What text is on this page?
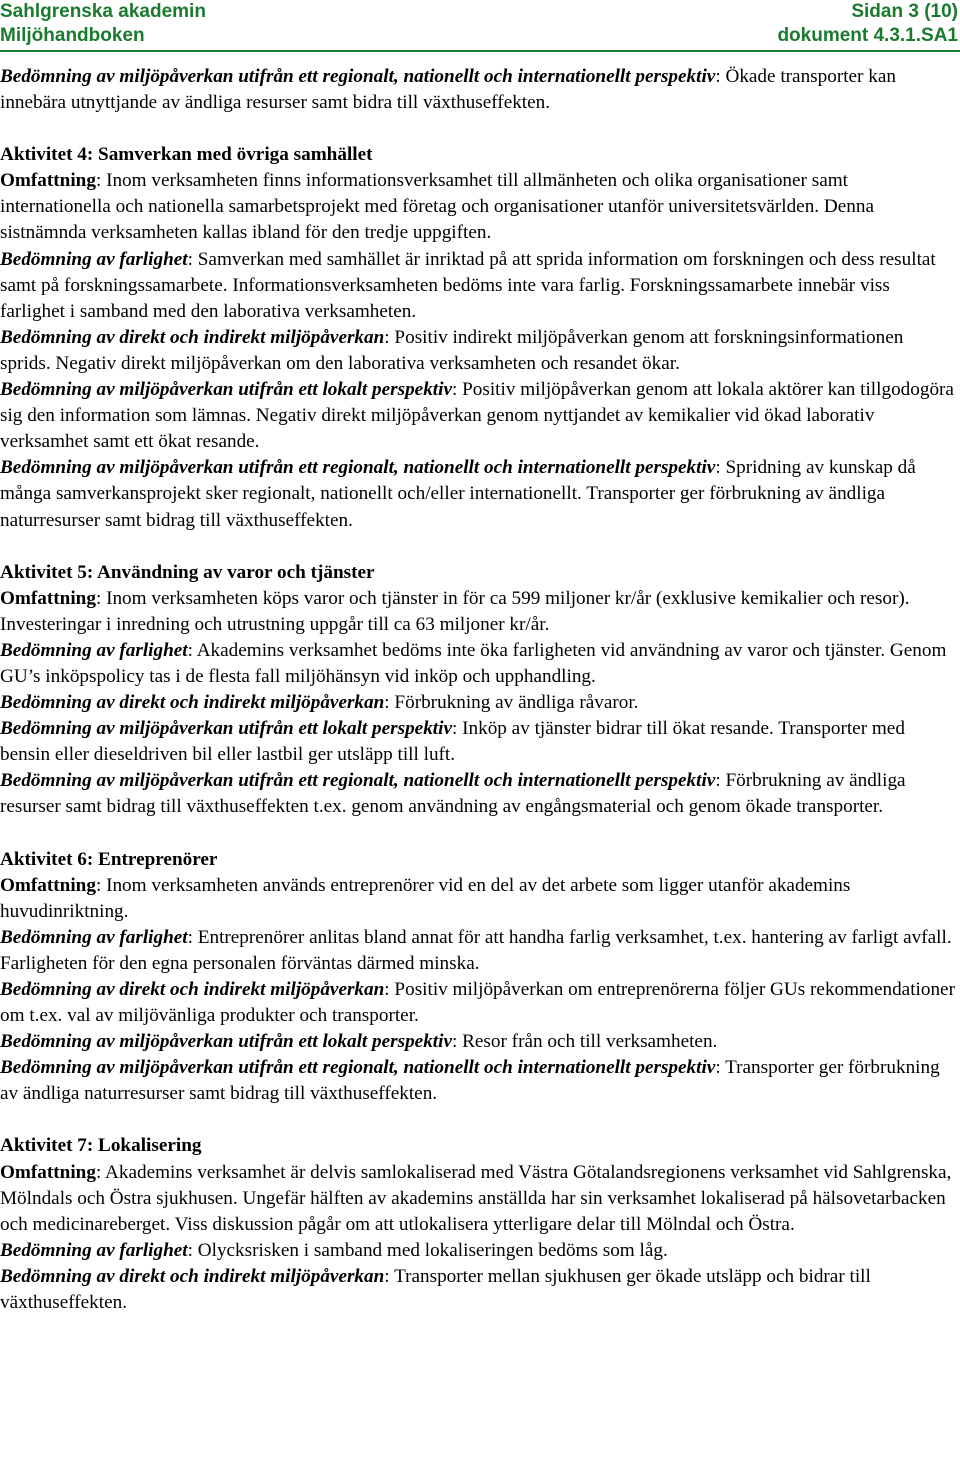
Sahlgrenska akademin	Sidan 3 (10)
Miljöhandboken	dokument 4.3.1.SA1

Bedömning av miljöpåverkan utifrån ett regionalt, nationellt och internationellt perspektiv: Ökade transporter kan innebära utnyttjande av ändliga resurser samt bidra till växthuseffekten.

Aktivitet 4: Samverkan med övriga samhället

Omfattning: Inom verksamheten finns informationsverksamhet till allmänheten och olika organisationer samt internationella och nationella samarbetsprojekt med företag och organisationer utanför universitetsvärlden. Denna sistnämnda verksamheten kallas ibland för den tredje uppgiften.

Bedömning av farlighet: Samverkan med samhället är inriktad på att sprida information om forskningen och dess resultat samt på forskningssamarbete. Informationsverksamheten bedöms inte vara farlig. Forskningssamarbete innebär viss farlighet i samband med den laborativa verksamheten.

Bedömning av direkt och indirekt miljöpåverkan: Positiv indirekt miljöpåverkan genom att forskningsinformationen sprids. Negativ direkt miljöpåverkan om den laborativa verksamheten och resandet ökar.

Bedömning av miljöpåverkan utifrån ett lokalt perspektiv: Positiv miljöpåverkan genom att lokala aktörer kan tillgodogöra sig den information som lämnas. Negativ direkt miljöpåverkan genom nyttjandet av kemikalier vid ökad laborativ verksamhet samt ett ökat resande.

Bedömning av miljöpåverkan utifrån ett regionalt, nationellt och internationellt perspektiv: Spridning av kunskap då många samverkansprojekt sker regionalt, nationellt och/eller internationellt. Transporter ger förbrukning av ändliga naturresurser samt bidrag till växthuseffekten.

Aktivitet 5: Användning av varor och tjänster

Omfattning: Inom verksamheten köps varor och tjänster in för ca 599 miljoner kr/år (exklusive kemikalier och resor). Investeringar i inredning och utrustning uppgår till ca 63 miljoner kr/år.

Bedömning av farlighet: Akademins verksamhet bedöms inte öka farligheten vid användning av varor och tjänster. Genom GU’s inköpspolicy tas i de flesta fall miljöhänsyn vid inköp och upphandling.

Bedömning av direkt och indirekt miljöpåverkan: Förbrukning av ändliga råvaror.

Bedömning av miljöpåverkan utifrån ett lokalt perspektiv: Inköp av tjänster bidrar till ökat resande. Transporter med bensin eller dieseldriven bil eller lastbil ger utsläpp till luft.

Bedömning av miljöpåverkan utifrån ett regionalt, nationellt och internationellt perspektiv: Förbrukning av ändliga resurser samt bidrag till växthuseffekten t.ex. genom användning av engångsmaterial och genom ökade transporter.

Aktivitet 6: Entreprenörer

Omfattning: Inom verksamheten används entreprenörer vid en del av det arbete som ligger utanför akademins huvudinriktning.

Bedömning av farlighet: Entreprenörer anlitas bland annat för att handha farlig verksamhet, t.ex. hantering av farligt avfall. Farligheten för den egna personalen förväntas därmed minska.

Bedömning av direkt och indirekt miljöpåverkan: Positiv miljöpåverkan om entreprenörerna följer GUs rekommendationer om t.ex. val av miljövänliga produkter och transporter.

Bedömning av miljöpåverkan utifrån ett lokalt perspektiv: Resor från och till verksamheten.

Bedömning av miljöpåverkan utifrån ett regionalt, nationellt och internationellt perspektiv: Transporter ger förbrukning av ändliga naturresurser samt bidrag till växthuseffekten.

Aktivitet 7: Lokalisering

Omfattning: Akademins verksamhet är delvis samlokaliserad med Västra Götalandsregionens verksamhet vid Sahlgrenska, Mölndals och Östra sjukhusen. Ungefär hälften av akademins anställda har sin verksamhet lokaliserad på hälsovetarbacken och medicinareberget. Viss diskussion pågår om att utlokalisera ytterligare delar till Mölndal och Östra.

Bedömning av farlighet: Olycksrisken i samband med lokaliseringen bedöms som låg.

Bedömning av direkt och indirekt miljöpåverkan: Transporter mellan sjukhusen ger ökade utsläpp och bidrar till växthuseffekten.
